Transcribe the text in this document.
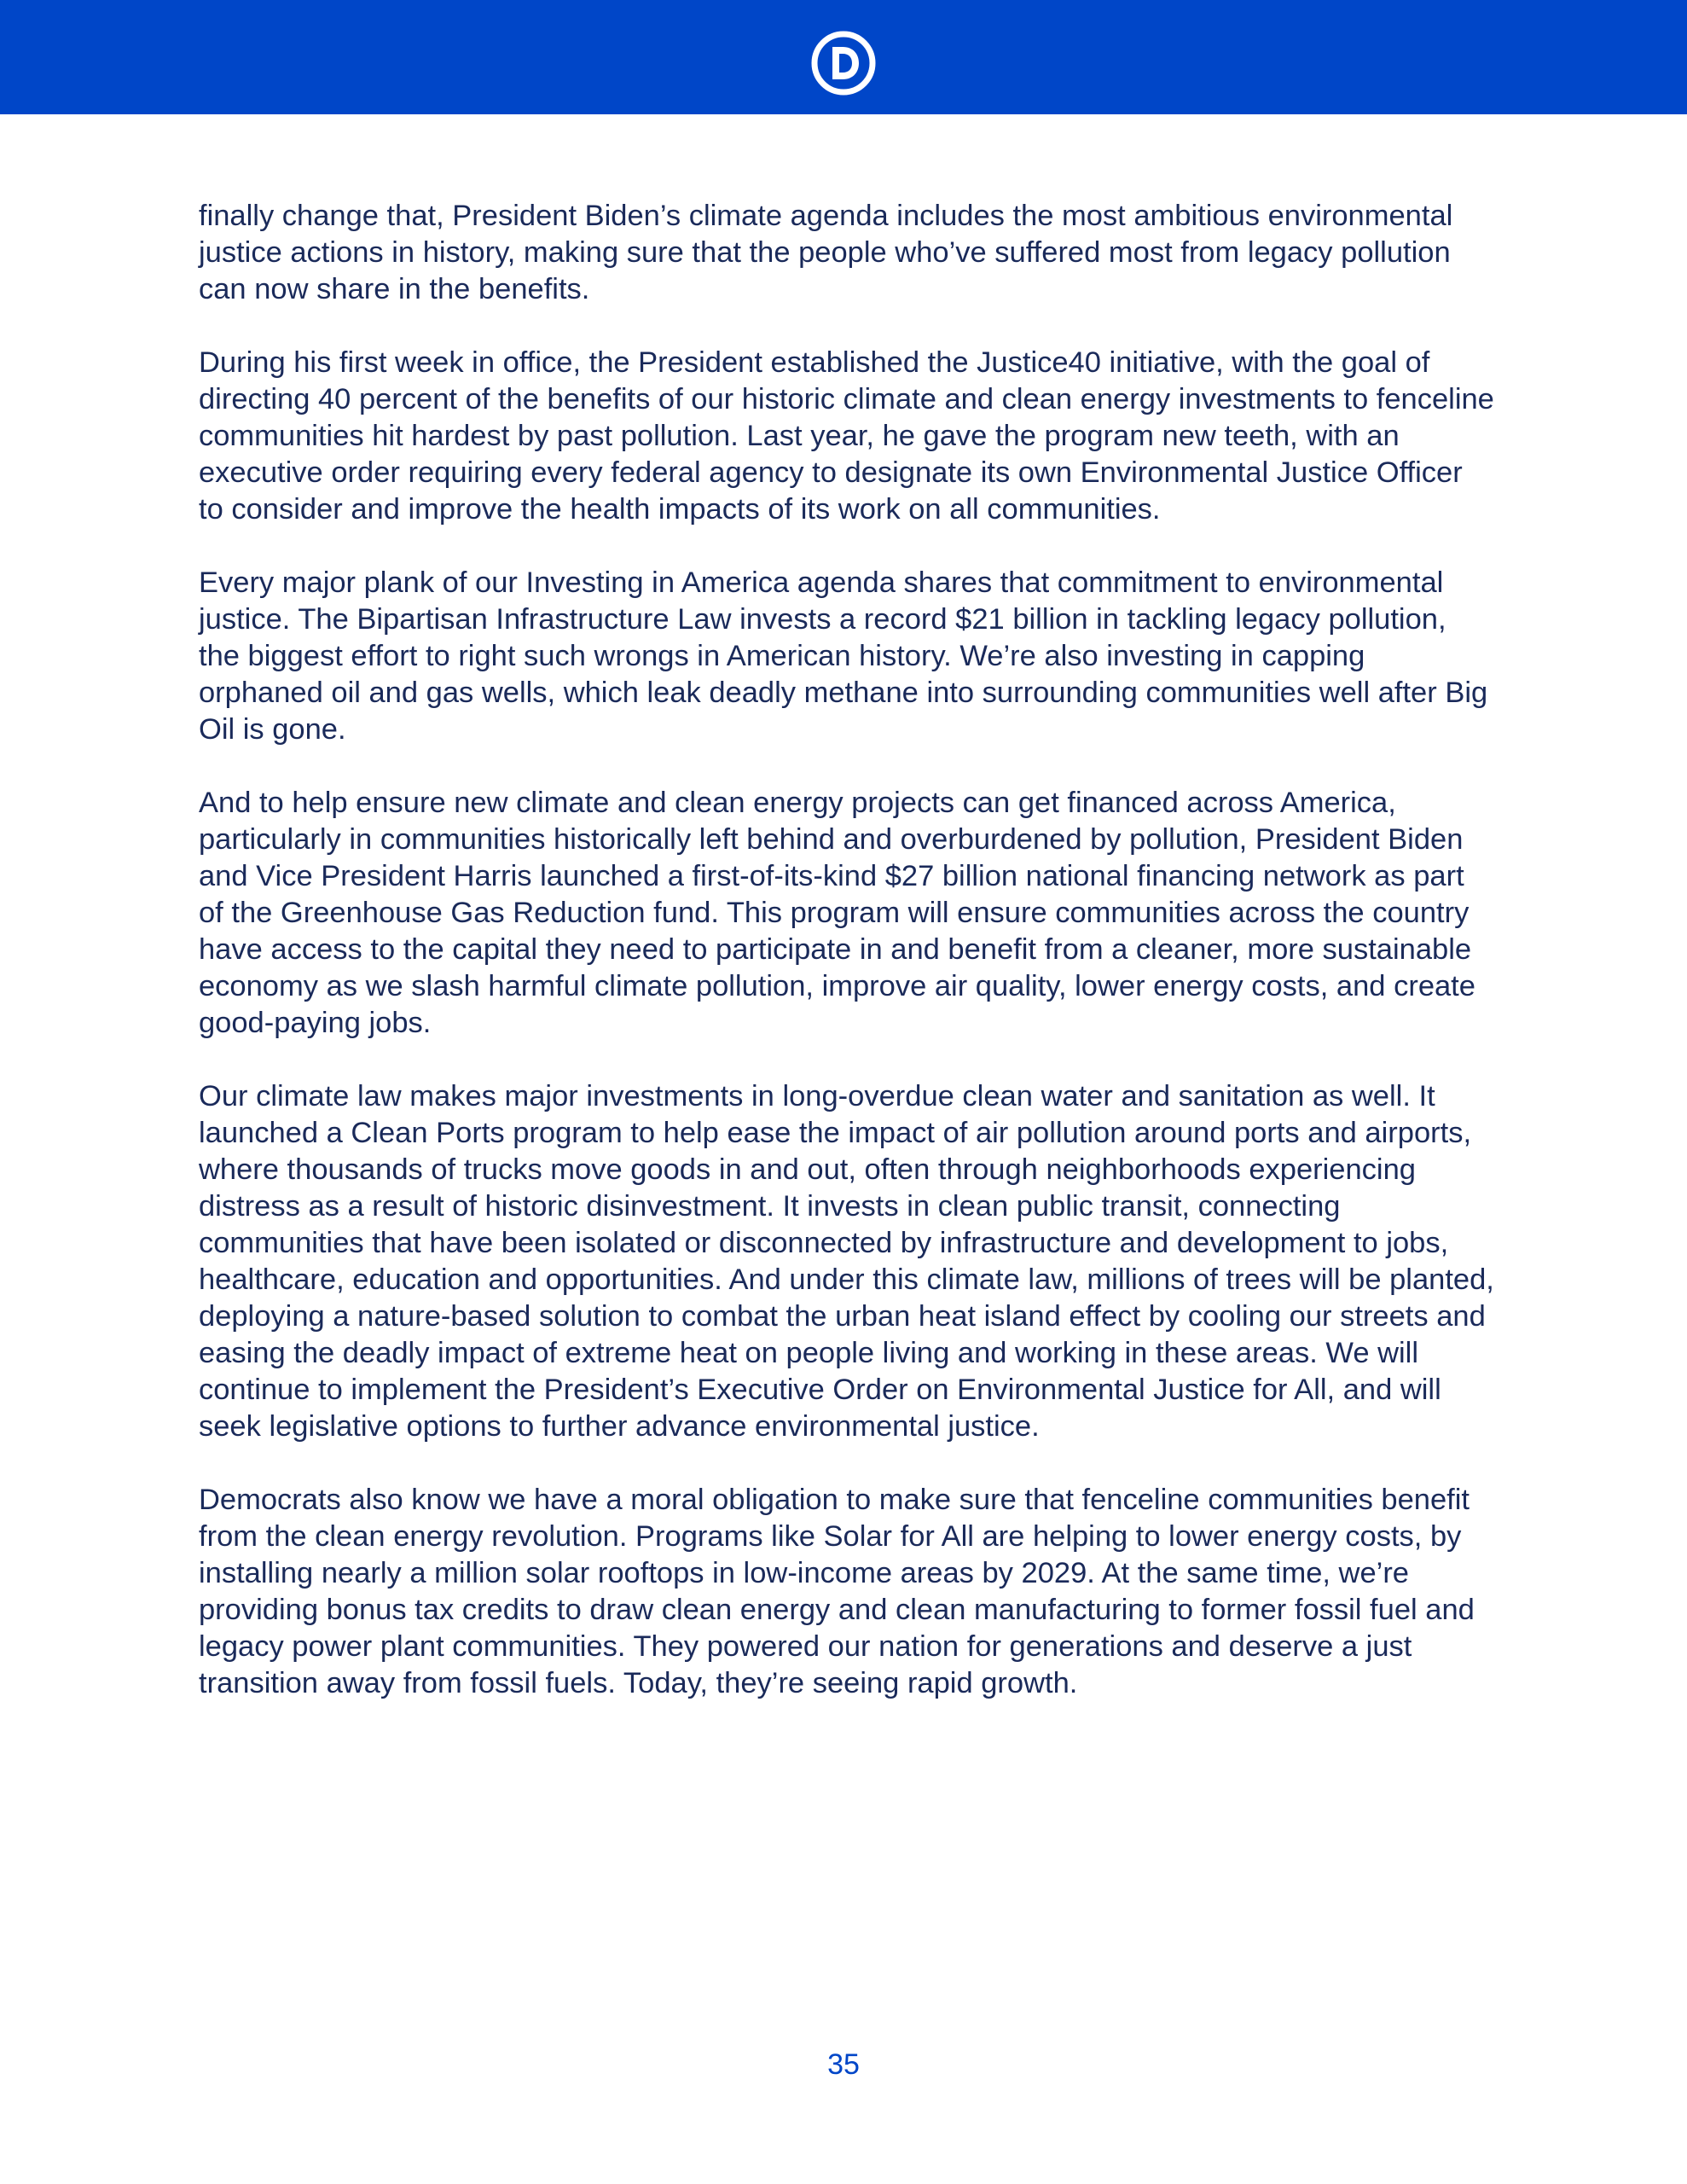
finally change that, President Biden’s climate agenda includes the most ambitious environmental justice actions in history, making sure that the people who’ve suffered most from legacy pollution can now share in the benefits.

During his first week in office, the President established the Justice40 initiative, with the goal of directing 40 percent of the benefits of our historic climate and clean energy investments to fenceline communities hit hardest by past pollution. Last year, he gave the program new teeth, with an executive order requiring every federal agency to designate its own Environmental Justice Officer to consider and improve the health impacts of its work on all communities.

Every major plank of our Investing in America agenda shares that commitment to environmental justice. The Bipartisan Infrastructure Law invests a record $21 billion in tackling legacy pollution, the biggest effort to right such wrongs in American history. We’re also investing in capping orphaned oil and gas wells, which leak deadly methane into surrounding communities well after Big Oil is gone.

And to help ensure new climate and clean energy projects can get financed across America, particularly in communities historically left behind and overburdened by pollution, President Biden and Vice President Harris launched a first-of-its-kind $27 billion national financing network as part of the Greenhouse Gas Reduction fund. This program will ensure communities across the country have access to the capital they need to participate in and benefit from a cleaner, more sustainable economy as we slash harmful climate pollution, improve air quality, lower energy costs, and create good-paying jobs.

Our climate law makes major investments in long-overdue clean water and sanitation as well. It launched a Clean Ports program to help ease the impact of air pollution around ports and airports, where thousands of trucks move goods in and out, often through neighborhoods experiencing distress as a result of historic disinvestment. It invests in clean public transit, connecting communities that have been isolated or disconnected by infrastructure and development to jobs, healthcare, education and opportunities. And under this climate law, millions of trees will be planted, deploying a nature-based solution to combat the urban heat island effect by cooling our streets and easing the deadly impact of extreme heat on people living and working in these areas. We will continue to implement the President’s Executive Order on Environmental Justice for All, and will seek legislative options to further advance environmental justice.

Democrats also know we have a moral obligation to make sure that fenceline communities benefit from the clean energy revolution. Programs like Solar for All are helping to lower energy costs, by installing nearly a million solar rooftops in low-income areas by 2029. At the same time, we’re providing bonus tax credits to draw clean energy and clean manufacturing to former fossil fuel and legacy power plant communities. They powered our nation for generations and deserve a just transition away from fossil fuels. Today, they’re seeing rapid growth.

35
